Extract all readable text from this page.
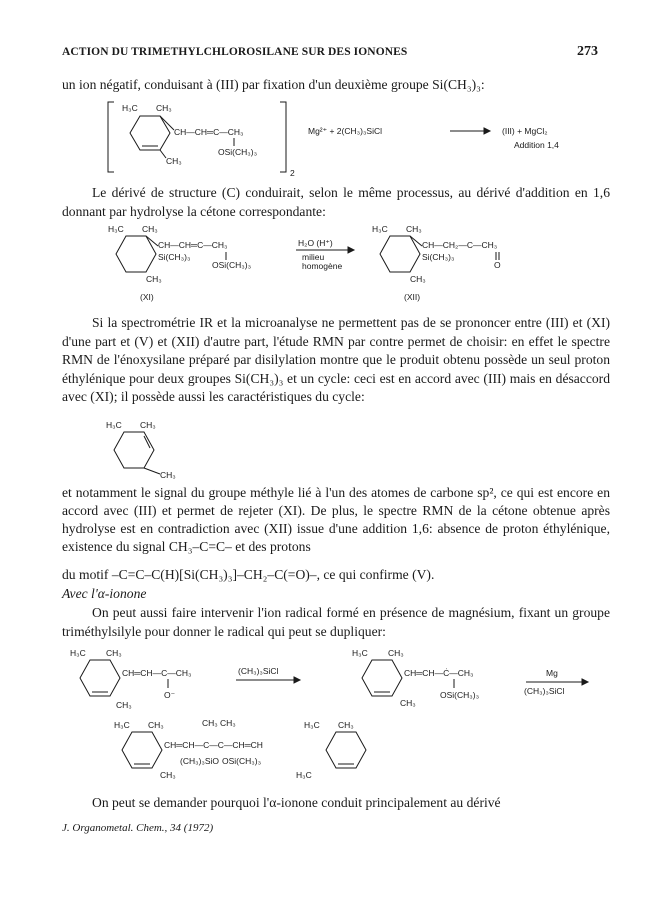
ACTION DU TRIMETHYLCHLOROSILANE SUR DES IONONES	273
un ion négatif, conduisant à (III) par fixation d'un deuxième groupe Si(CH₃)₃:
H₃C CH₃
CH—CH═C—CH₃
OSi(CH₃)₃
CH₃
2
Mg²⁺ + 2(CH₃)₃SiCl	(III) + MgCl₂
Addition 1,4
Le dérivé de structure (C) conduirait, selon le même processus, au dérivé d'addition en 1,6 donnant par hydrolyse la cétone correspondante:
H₃C CH₃
CH—CH═C—CH₃
Si(CH₃)₃
OSi(CH₃)₃
CH₃
(XI)
H₂O (H⁺)
milieu
homogène
H₃C CH₃
CH—CH₂—C—CH₃
Si(CH₃)₃
O
CH₃
(XII)
Si la spectrométrie IR et la microanalyse ne permettent pas de se prononcer entre (III) et (XI) d'une part et (V) et (XII) d'autre part, l'étude RMN par contre permet de choisir: en effet le spectre RMN de l'énoxysilane préparé par disilylation montre que le produit obtenu possède un seul proton éthylénique pour deux groupes Si(CH₃)₃ et un cycle: ceci est en accord avec (III) mais en désaccord avec (XI); il possède aussi les caractéristiques du cycle:
H₃C CH₃
CH₃
et notamment le signal du groupe méthyle lié à l'un des atomes de carbone sp², ce qui est encore en accord avec (III) et permet de rejeter (XI). De plus, le spectre RMN de la cétone obtenue après hydrolyse est en contradiction avec (XII) issue d'une addition 1,6: absence de proton éthylénique, existence du signal CH₃–C=C– et des protons
du motif –C=C–C(H)[Si(CH₃)₃]–CH₂–C(=O)–, ce qui confirme (V).
Avec l'α-ionone
On peut aussi faire intervenir l'ion radical formé en présence de magnésium, fixant un groupe triméthylsilyle pour donner le radical qui peut se dupliquer:
H₃C CH₃
CH═CH—C—CH₃
O⁻
CH₃
(CH₃)₃SiCl
H₃C CH₃
CH═CH—Ċ—CH₃
OSi(CH₃)₃
CH₃
Mg
(CH₃)₃SiCl
H₃C CH₃	CH₃ CH₃
CH═CH—C—C—CH═CH
(CH₃)₃SiO OSi(CH₃)₃
CH₃
H₃C CH₃
H₃C
On peut se demander pourquoi l'α-ionone conduit principalement au dérivé
J. Organometal. Chem., 34 (1972)
